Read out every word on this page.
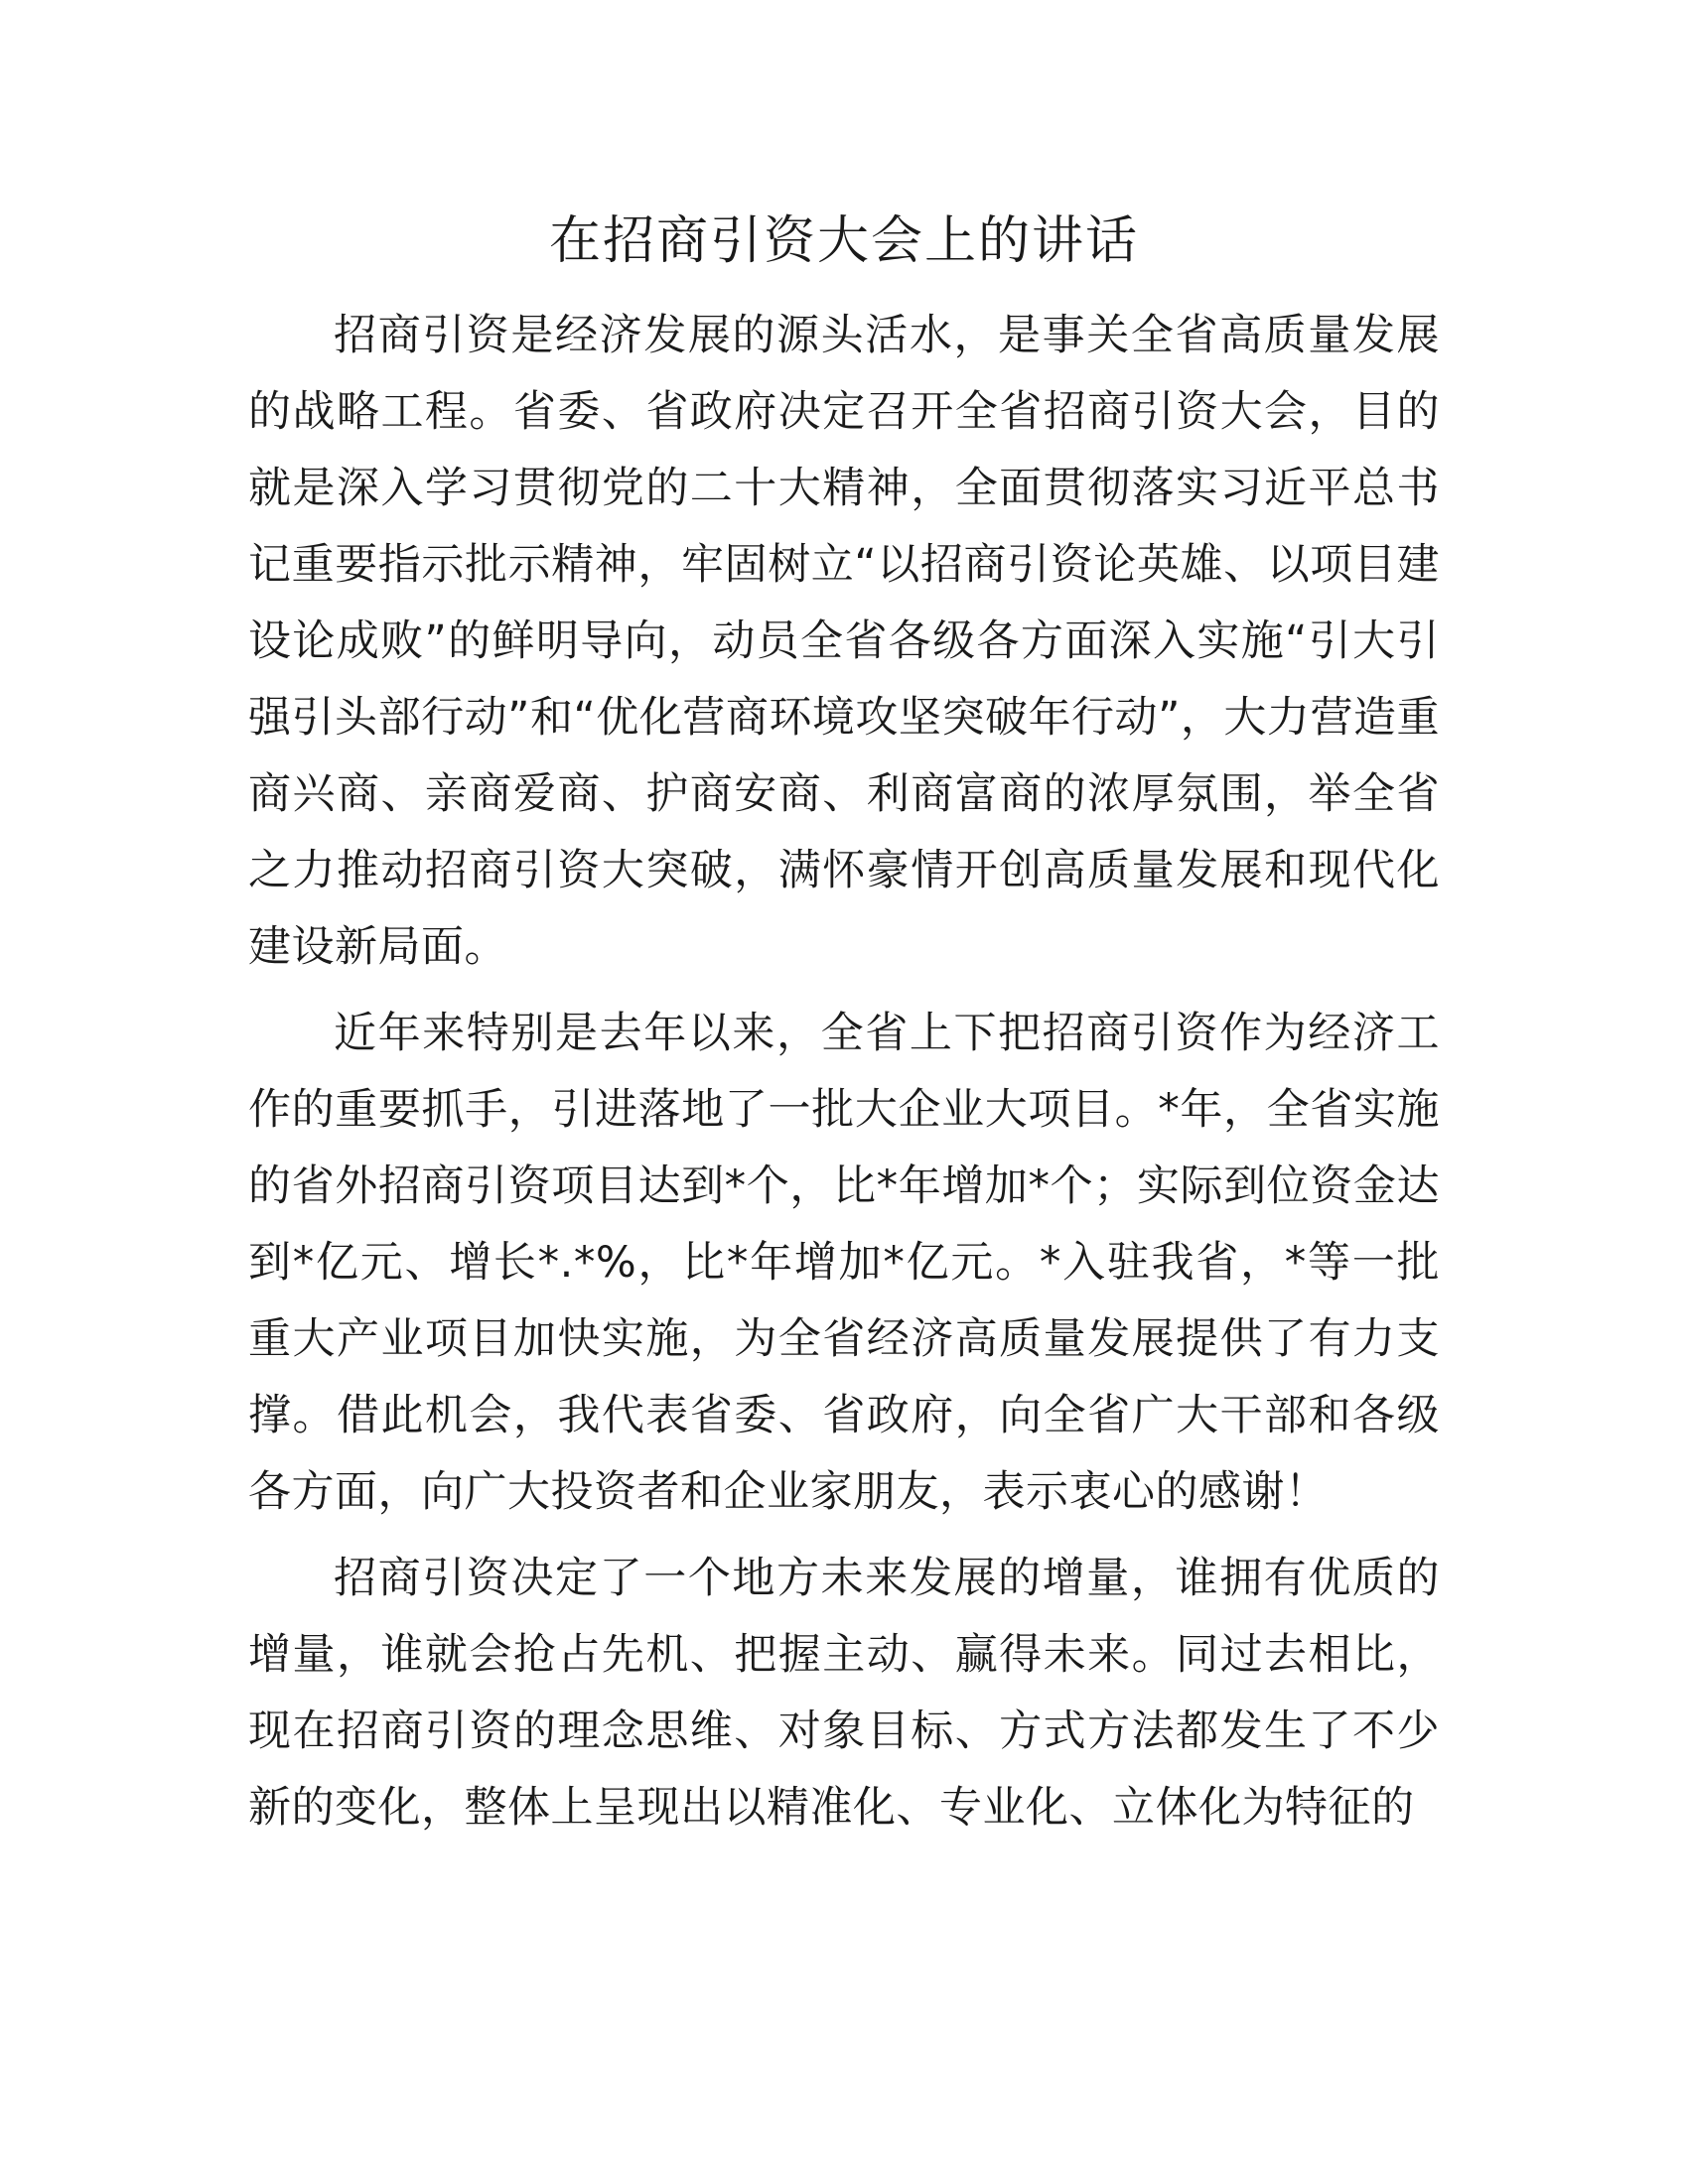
在招商引资大会上的讲话

招商引资是经济发展的源头活水，是事关全省高质量发展的战略工程。省委、省政府决定召开全省招商引资大会，目的就是深入学习贯彻党的二十大精神，全面贯彻落实习近平总书记重要指示批示精神，牢固树立“以招商引资论英雄、以项目建设论成败”的鲜明导向，动员全省各级各方面深入实施“引大引强引头部行动”和“优化营商环境攻坚突破年行动”，大力营造重商兴商、亲商爱商、护商安商、利商富商的浓厚氛围，举全省之力推动招商引资大突破，满怀豪情开创高质量发展和现代化建设新局面。

近年来特别是去年以来，全省上下把招商引资作为经济工作的重要抓手，引进落地了一批大企业大项目。*年，全省实施的省外招商引资项目达到*个，比*年增加*个；实际到位资金达到*亿元、增长*.*%，比*年增加*亿元。*入驻我省，*等一批重大产业项目加快实施，为全省经济高质量发展提供了有力支撑。借此机会，我代表省委、省政府，向全省广大干部和各级各方面，向广大投资者和企业家朋友，表示衷心的感谢！

招商引资决定了一个地方未来发展的增量，谁拥有优质的增量，谁就会抢占先机、把握主动、赢得未来。同过去相比，现在招商引资的理念思维、对象目标、方式方法都发生了不少新的变化，整体上呈现出以精准化、专业化、立体化为特征的
